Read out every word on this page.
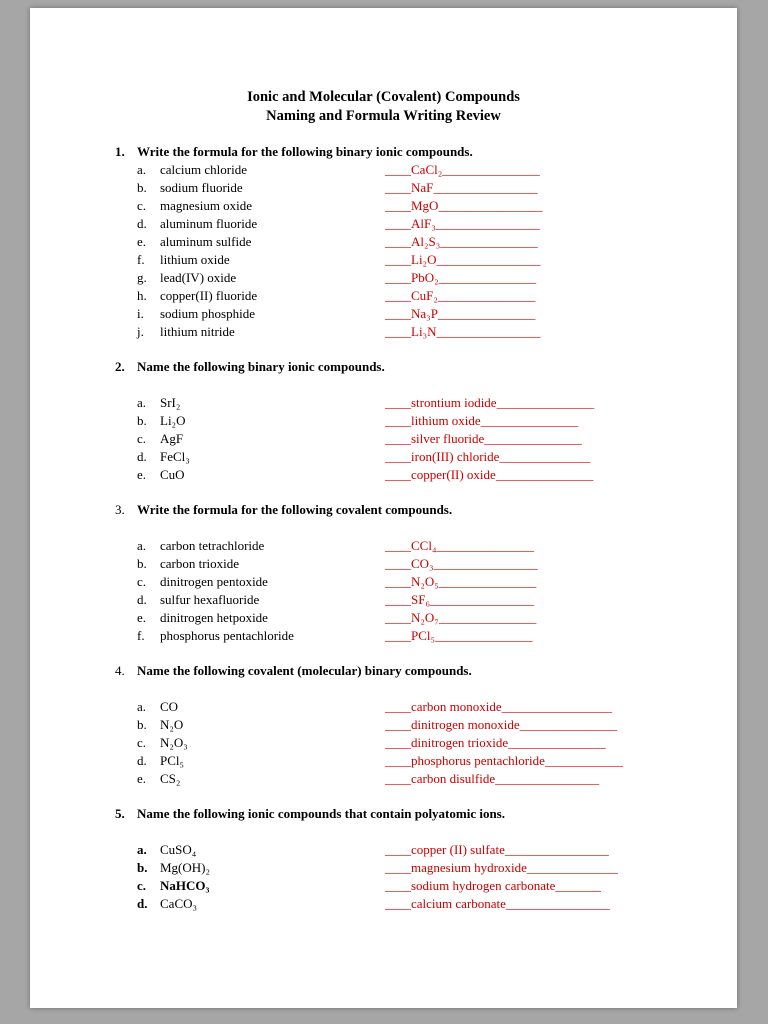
Ionic and Molecular (Covalent) Compounds
Naming and Formula Writing Review
1. Write the formula for the following binary ionic compounds.
a.	calcium chloride	____CaCl₂_______________
b.	sodium fluoride	____NaF________________
c.	magnesium oxide	____MgO________________
d.	aluminum fluoride	____AlF₃________________
e.	aluminum sulfide	____Al₂S₃_______________
f.	lithium oxide	____Li₂O________________
g.	lead(IV) oxide	____PbO₂_______________
h.	copper(II) fluoride	____CuF₂_______________
i.	sodium phosphide	____Na₃P_______________
j.	lithium nitride	____Li₃N________________
2. Name the following binary ionic compounds.
a.	SrI₂	____strontium iodide_______________
b.	Li₂O	____lithium oxide_______________
c.	AgF	____silver fluoride_______________
d.	FeCl₃	____iron(III) chloride______________
e.	CuO	____copper(II) oxide_______________
3. Write the formula for the following covalent compounds.
a.	carbon tetrachloride	____CCl₄_______________
b.	carbon trioxide	____CO₃________________
c.	dinitrogen pentoxide	____N₂O₅_______________
d.	sulfur hexafluoride	____SF₆________________
e.	dinitrogen hetpoxide	____N₂O₇_______________
f.	phosphorus pentachloride	____PCl₅_______________
4. Name the following covalent (molecular) binary compounds.
a.	CO	____carbon monoxide_________________
b.	N₂O	____dinitrogen monoxide_______________
c.	N₂O₃	____dinitrogen trioxide_______________
d.	PCl₅	____phosphorus pentachloride____________
e.	CS₂	____carbon disulfide________________
5. Name the following ionic compounds that contain polyatomic ions.
a.	CuSO₄	____copper (II) sulfate________________
b. Mg(OH)₂	____magnesium hydroxide______________
c.	NaHCO₃	____sodium hydrogen carbonate_______
d. CaCO₃	____calcium carbonate________________
